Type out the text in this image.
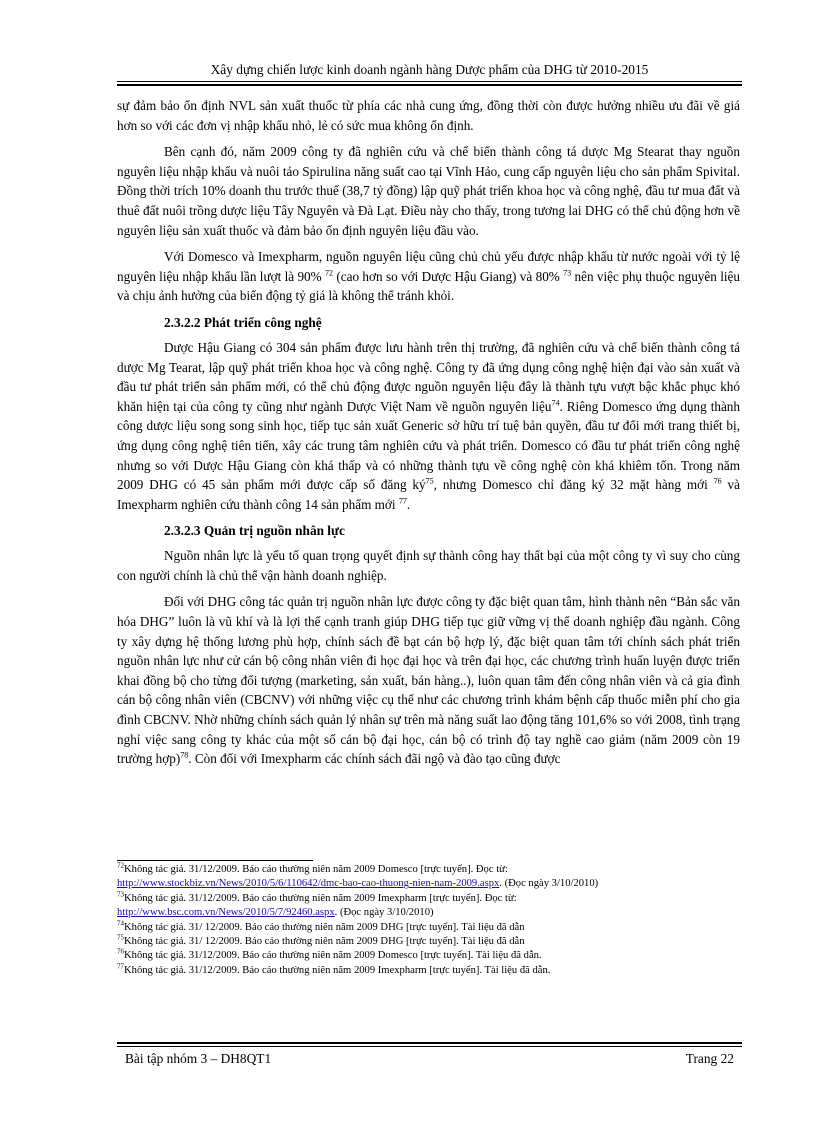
Xây dựng chiến lược kinh doanh ngành hàng Dược phẩm của DHG từ 2010-2015

sự đảm bảo ổn định NVL sản xuất thuốc từ phía các nhà cung ứng, đồng thời còn được hưởng nhiều ưu đãi về giá hơn so với các đơn vị nhập khẩu nhỏ, lẻ có sức mua không ổn định.

Bên cạnh đó, năm 2009 công ty đã nghiên cứu và chế biến thành công tá dược Mg Stearat thay nguồn nguyên liệu nhập khẩu và nuôi tảo Spirulina năng suất cao tại Vĩnh Hảo, cung cấp nguyên liệu cho sản phẩm Spivital. Đồng thời trích 10% doanh thu trước thuế (38,7 tỷ đồng) lập quỹ phát triển khoa học và công nghệ, đầu tư mua đất và thuê đất nuôi trồng dược liệu Tây Nguyên và Đà Lạt. Điều này cho thấy, trong tương lai DHG có thể chủ động hơn về nguyên liệu sản xuất thuốc và đảm bảo ổn định nguyên liệu đầu vào.

Với Domesco và Imexpharm, nguồn nguyên liệu cũng chủ chủ yếu được nhập khẩu từ nước ngoài với tỷ lệ nguyên liệu nhập khẩu lần lượt là 90% $^{72}$ (cao hơn so với Dược Hậu Giang) và 80% $^{73}$ nên việc phụ thuộc nguyên liệu và chịu ảnh hưởng của biến động tỷ giá là không thể tránh khỏi.

2.3.2.2 Phát triển công nghệ

Dược Hậu Giang có 304 sản phẩm được lưu hành trên thị trường, đã nghiên cứu và chế biến thành công tá dược Mg Tearat, lập quỹ phát triển khoa học và công nghệ. Công ty đã ứng dụng công nghệ hiện đại vào sản xuất và đầu tư phát triển sản phẩm mới, có thể chủ động được nguồn nguyên liệu đây là thành tựu vượt bậc khắc phục khó khăn hiện tại của công ty cũng như ngành Dược Việt Nam về nguồn nguyên liệu$^{74}$. Riêng Domesco ứng dụng thành công dược liệu song song sinh học, tiếp tục sản xuất Generic sở hữu trí tuệ bản quyền, đầu tư đổi mới trang thiết bị, ứng dụng công nghệ tiên tiến, xây các trung tâm nghiên cứu và phát triển. Domesco có đầu tư phát triển công nghệ nhưng so với Dược Hậu Giang còn khá thấp và có những thành tựu về công nghệ còn khá khiêm tốn. Trong năm 2009 DHG có 45 sản phẩm mới được cấp số đăng $ký^{75}$, nhưng Domesco chỉ đăng ký 32 mặt hàng mới $^{76}$ và Imexpharm nghiên cứu thành công 14 sản phẩm mới $^{77}$.

2.3.2.3 Quản trị nguồn nhân lực

Nguồn nhân lực là yếu tố quan trọng quyết định sự thành công hay thất bại của một công ty vì suy cho cùng con người chính là chủ thể vận hành doanh nghiệp.

Đối với DHG công tác quản trị nguồn nhân lực được công ty đặc biệt quan tâm, hình thành nên “Bản sắc văn hóa DHG” luôn là vũ khí và là lợi thế cạnh tranh giúp DHG tiếp tục giữ vững vị thế doanh nghiệp đầu ngành. Công ty xây dựng hệ thống lương phù hợp, chính sách đề bạt cán bộ hợp lý, đặc biệt quan tâm tới chính sách phát triển nguồn nhân lực như cử cán bộ công nhân viên đi học đại học và trên đại học, các chương trình huấn luyện được triển khai đồng bộ cho từng đối tượng (marketing, sản xuất, bán hàng..), luôn quan tâm đến công nhân viên và cả gia đình cán bộ công nhân viên (CBCNV) với những việc cụ thể như các chương trình khám bệnh cấp thuốc miễn phí cho gia đình CBCNV. Nhờ những chính sách quản lý nhân sự trên mà năng suất lao động tăng 101,6% so với 2008, tình trạng nghỉ việc sang công ty khác của một số cán bộ đại học, cán bộ có trình độ tay nghề cao giảm (năm 2009 còn 19 trường hợp)$^{78}$. Còn đối với Imexpharm các chính sách đãi ngộ và đào tạo cũng được

$^{72}$Không tác giả. 31/12/2009. Báo cáo thường niên năm 2009 Domesco [trực tuyến]. Đọc từ:
http://www.stockbiz.vn/News/2010/5/6/110642/dmc-bao-cao-thuong-nien-nam-2009.aspx. (Đọc ngày 3/10/2010)

$^{73}$Không tác giả. 31/12/2009. Báo cáo thường niên năm 2009 Imexpharm [trực tuyến]. Đọc từ:
http://www.bsc.com.vn/News/2010/5/7/92460.aspx. (Đọc ngày 3/10/2010)

$^{74}$Không tác giả. 31/ 12/2009. Báo cáo thường niên năm 2009 DHG [trực tuyến]. Tài liệu đã dẫn

$^{75}$Không tác giả. 31/ 12/2009. Báo cáo thường niên năm 2009 DHG [trực tuyến]. Tài liệu đã dẫn

$^{76}$Không tác giả. 31/12/2009. Báo cáo thường niên năm 2009 Domesco [trực tuyến]. Tài liệu đã dẫn.

$^{77}$Không tác giả. 31/12/2009. Báo cáo thường niên năm 2009 Imexpharm [trực tuyến]. Tài liệu đã dẫn.

Bài tập nhóm 3 – DH8QT1	Trang 22
